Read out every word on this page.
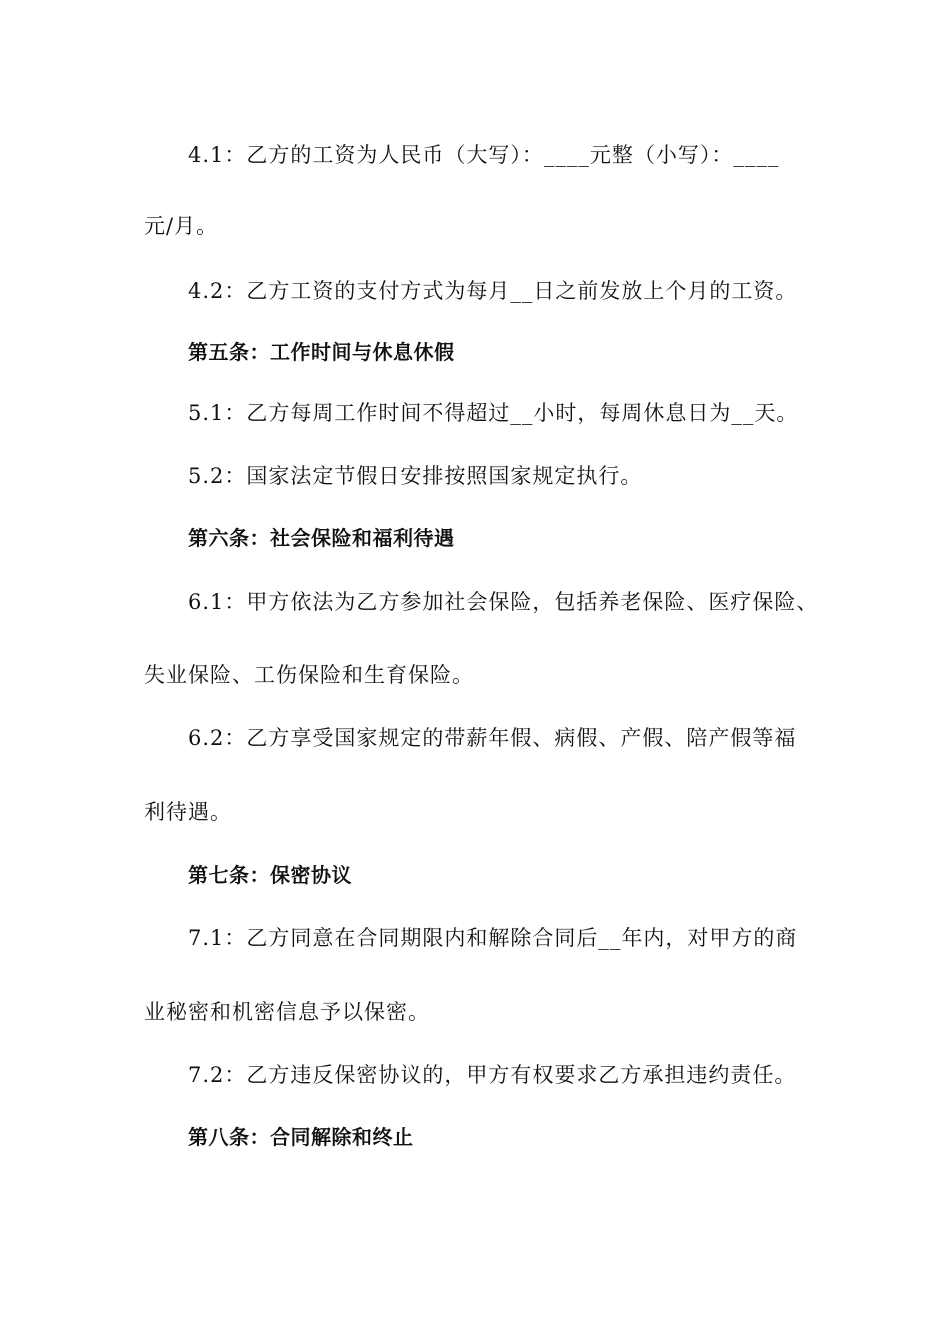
4.1：乙方的工资为人民币（大写）：____元整（小写）：____
元/月。
4.2：乙方工资的支付方式为每月__日之前发放上个月的工资。
第五条：工作时间与休息休假
5.1：乙方每周工作时间不得超过__小时，每周休息日为__天。
5.2：国家法定节假日安排按照国家规定执行。
第六条：社会保险和福利待遇
6.1：甲方依法为乙方参加社会保险，包括养老保险、医疗保险、
失业保险、工伤保险和生育保险。
6.2：乙方享受国家规定的带薪年假、病假、产假、陪产假等福
利待遇。
第七条：保密协议
7.1：乙方同意在合同期限内和解除合同后__年内，对甲方的商
业秘密和机密信息予以保密。
7.2：乙方违反保密协议的，甲方有权要求乙方承担违约责任。
第八条：合同解除和终止
